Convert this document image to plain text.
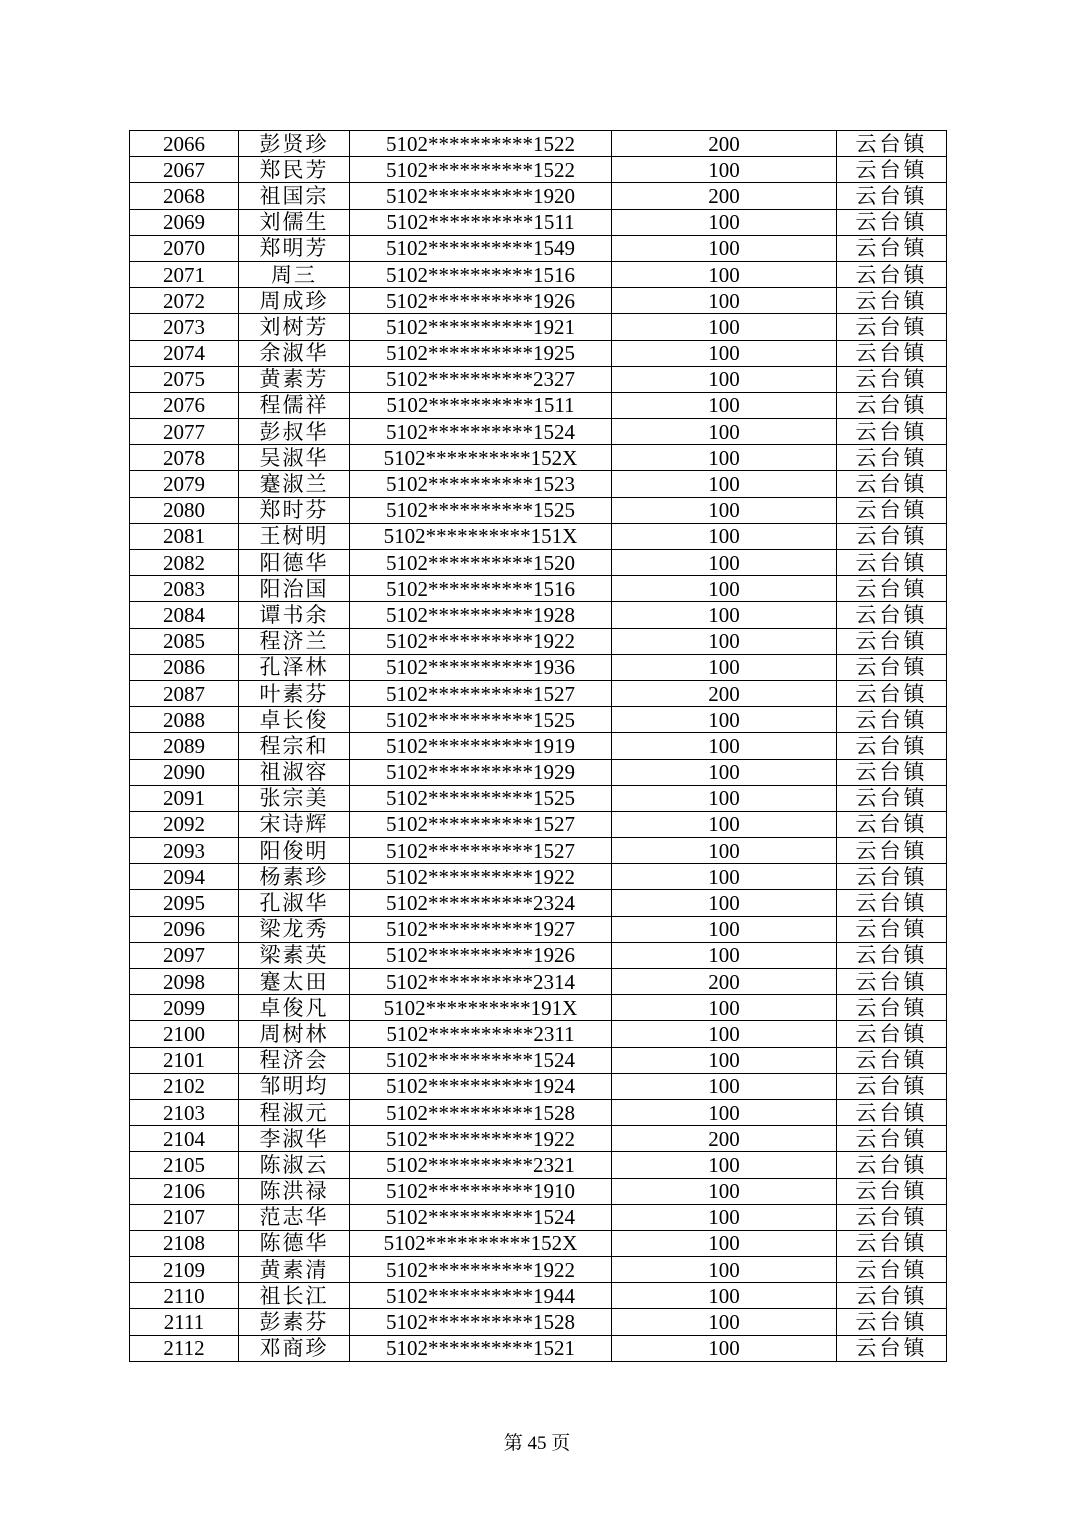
2066	彭贤珍	5102**********1522	200	云台镇
2067	郑民芳	5102**********1522	100	云台镇
2068	祖国宗	5102**********1920	200	云台镇
2069	刘儒生	5102**********1511	100	云台镇
2070	郑明芳	5102**********1549	100	云台镇
2071	周三	5102**********1516	100	云台镇
2072	周成珍	5102**********1926	100	云台镇
2073	刘树芳	5102**********1921	100	云台镇
2074	余淑华	5102**********1925	100	云台镇
2075	黄素芳	5102**********2327	100	云台镇
2076	程儒祥	5102**********1511	100	云台镇
2077	彭叔华	5102**********1524	100	云台镇
2078	吴淑华	5102**********152X	100	云台镇
2079	蹇淑兰	5102**********1523	100	云台镇
2080	郑时芬	5102**********1525	100	云台镇
2081	王树明	5102**********151X	100	云台镇
2082	阳德华	5102**********1520	100	云台镇
2083	阳治国	5102**********1516	100	云台镇
2084	谭书余	5102**********1928	100	云台镇
2085	程济兰	5102**********1922	100	云台镇
2086	孔泽林	5102**********1936	100	云台镇
2087	叶素芬	5102**********1527	200	云台镇
2088	卓长俊	5102**********1525	100	云台镇
2089	程宗和	5102**********1919	100	云台镇
2090	祖淑容	5102**********1929	100	云台镇
2091	张宗美	5102**********1525	100	云台镇
2092	宋诗辉	5102**********1527	100	云台镇
2093	阳俊明	5102**********1527	100	云台镇
2094	杨素珍	5102**********1922	100	云台镇
2095	孔淑华	5102**********2324	100	云台镇
2096	梁龙秀	5102**********1927	100	云台镇
2097	梁素英	5102**********1926	100	云台镇
2098	蹇太田	5102**********2314	200	云台镇
2099	卓俊凡	5102**********191X	100	云台镇
2100	周树林	5102**********2311	100	云台镇
2101	程济会	5102**********1524	100	云台镇
2102	邹明均	5102**********1924	100	云台镇
2103	程淑元	5102**********1528	100	云台镇
2104	李淑华	5102**********1922	200	云台镇
2105	陈淑云	5102**********2321	100	云台镇
2106	陈洪禄	5102**********1910	100	云台镇
2107	范志华	5102**********1524	100	云台镇
2108	陈德华	5102**********152X	100	云台镇
2109	黄素清	5102**********1922	100	云台镇
2110	祖长江	5102**********1944	100	云台镇
2111	彭素芬	5102**********1528	100	云台镇
2112	邓商珍	5102**********1521	100	云台镇
第 45 页
